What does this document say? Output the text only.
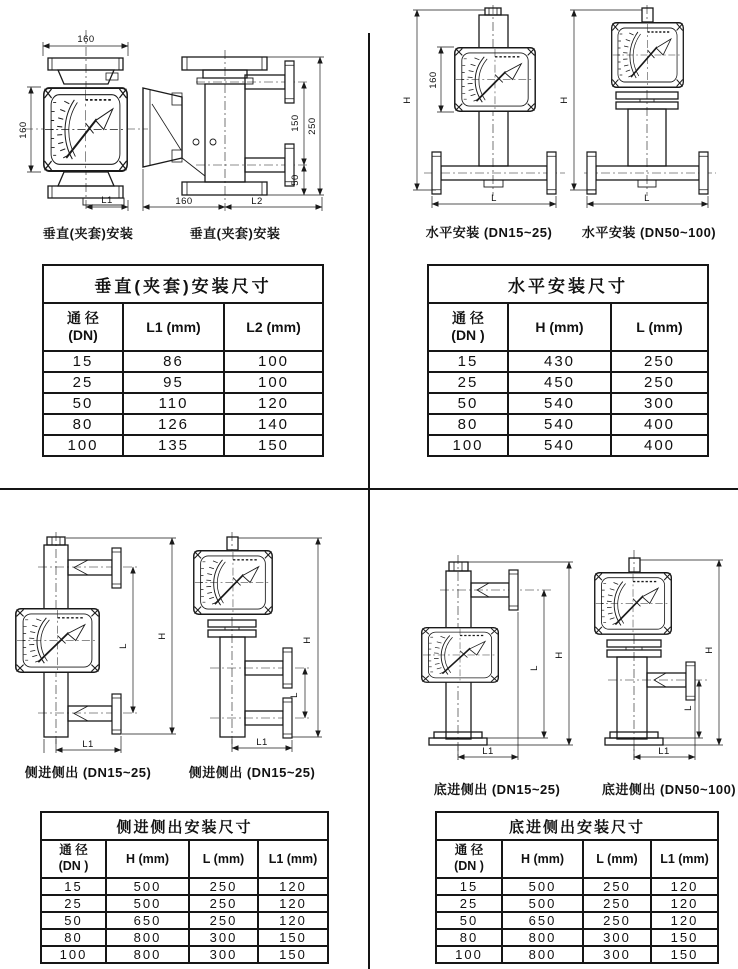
160
160
L1
150 250
50
160	L2
160
H
L
H
L
H
L
L1
H
L
L1
L
H
L1
H
L
L1
垂直(夹套)安装	垂直(夹套)安装	水平安装 (DN15~25) 水平安装 (DN50~100)
侧进侧出 (DN15~25)	侧进侧出 (DN15~25)
底进侧出 (DN15~25)	底进侧出 (DN50~100)
垂直(夹套)安装尺寸		

通 径
(DN)	L1 (mm)	L2 (mm)
15	86	100
25	95	100
50	110	120
80	126	140
100	135	150
水平安装尺寸		

通 径
(DN )	H (mm)	L (mm)
15	430	250
25	450	250
50	540	300
80	540	400
100	540	400
侧进侧出安装尺寸			

通 径
(DN )	H (mm)	L (mm)	L1 (mm)
15	500	250	120
25	500	250	120
50	650	250	120
80	800	300	150
100	800	300	150
底进侧出安装尺寸			

通 径
(DN )	H (mm)	L (mm)	L1 (mm)
15	500	250	120
25	500	250	120
50	650	250	120
80	800	300	150
100	800	300	150
